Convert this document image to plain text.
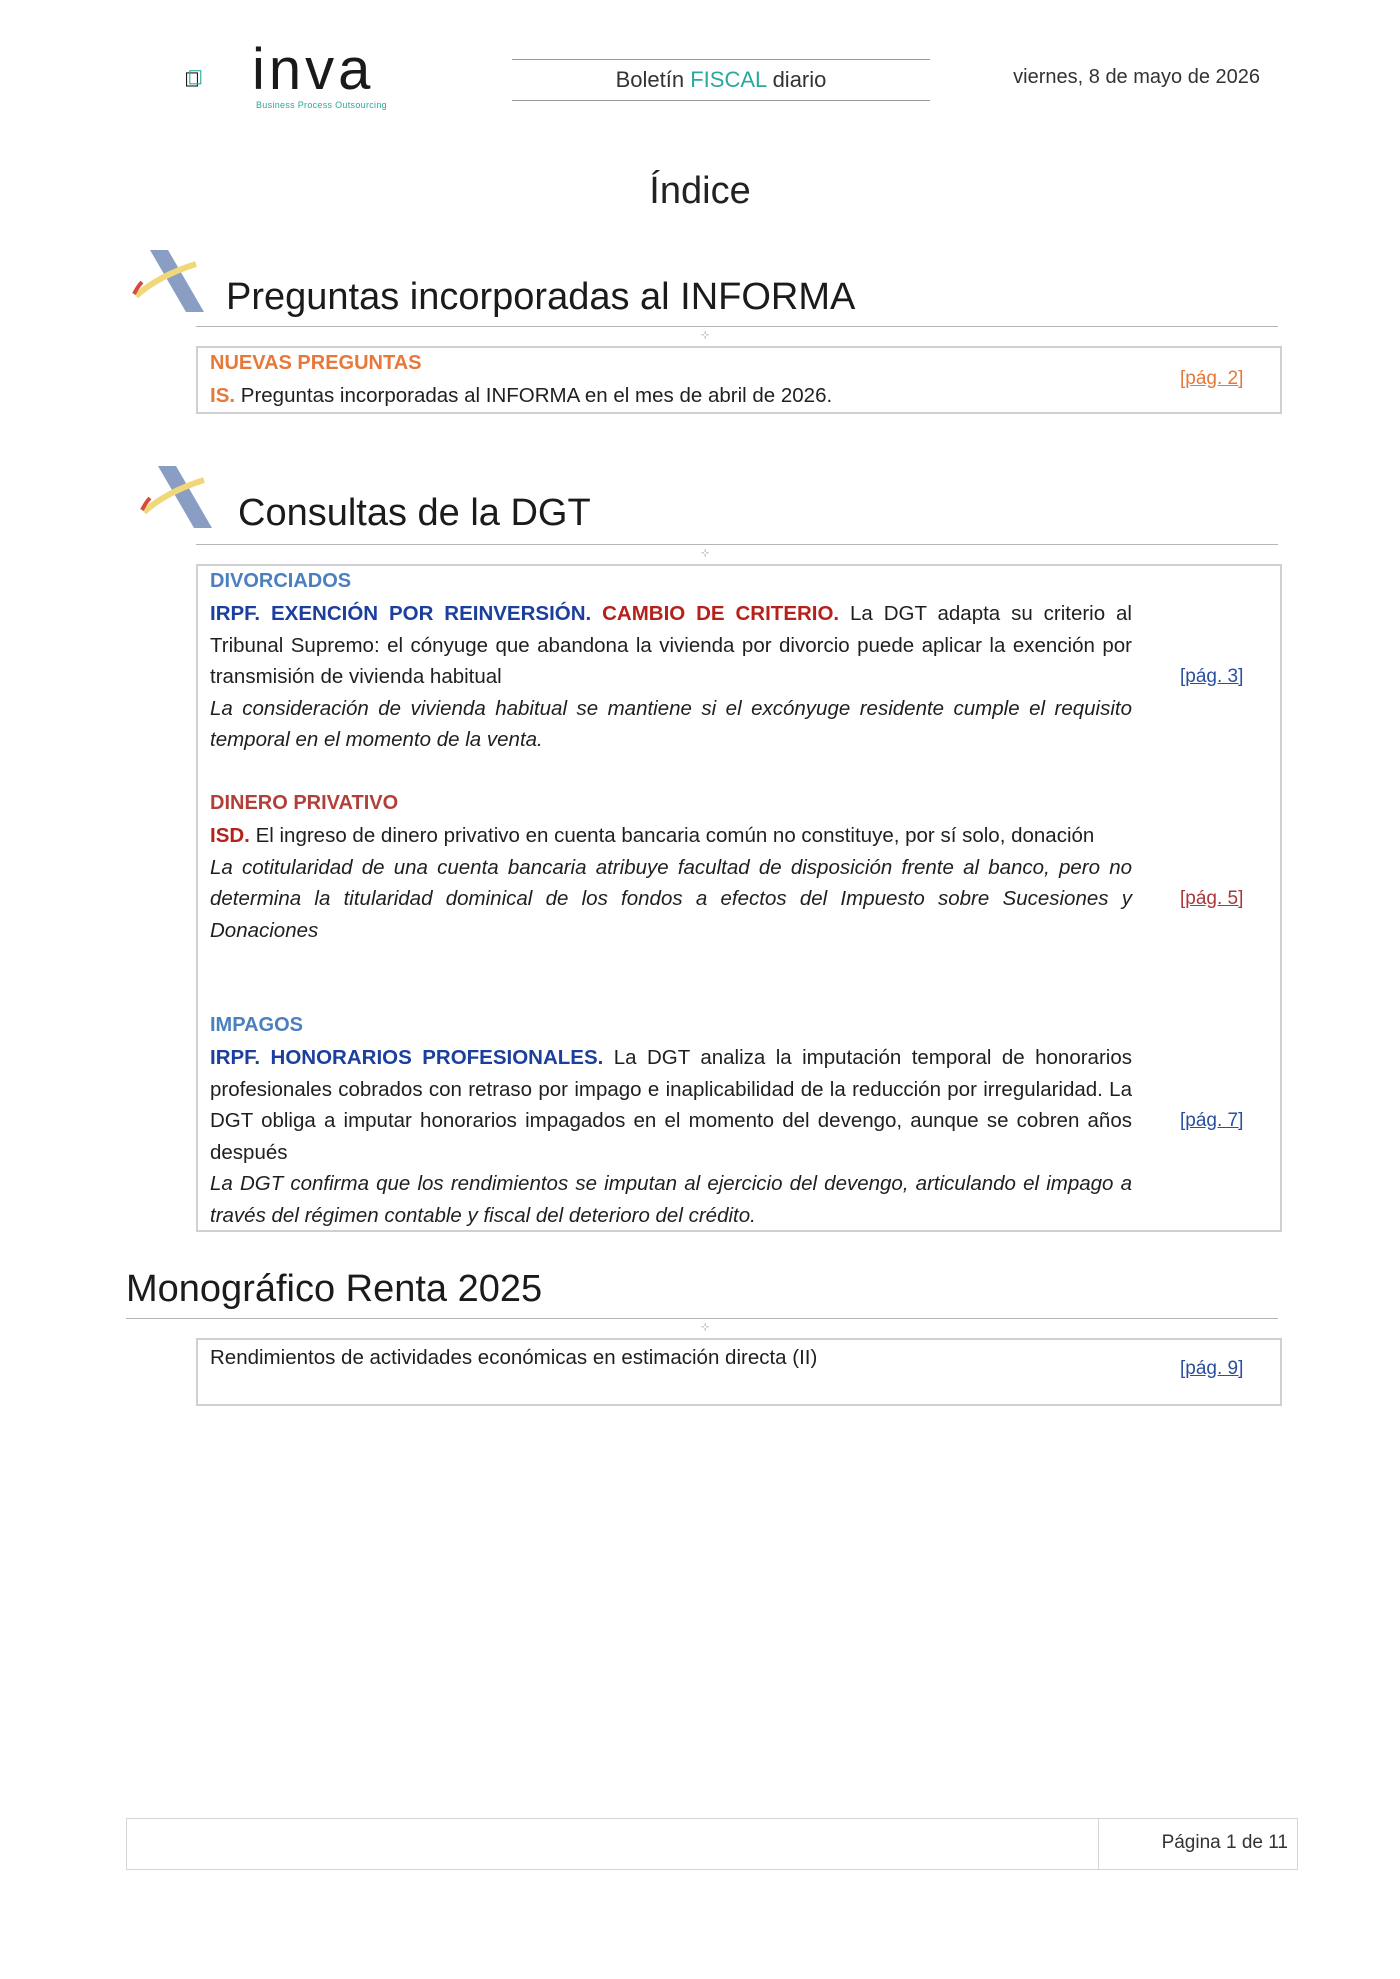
inva
Business Process Outsourcing
Boletín FISCAL diario	viernes, 8 de mayo de 2026
Índice
Preguntas incorporadas al INFORMA
⊹
NUEVAS PREGUNTAS
IS. Preguntas incorporadas al INFORMA en el mes de abril de 2026.
[pág. 2]
Consultas de la DGT
⊹
DIVORCIADOS
IRPF. EXENCIÓN POR REINVERSIÓN. CAMBIO DE CRITERIO. La DGT adapta su criterio al Tribunal Supremo: el cónyuge que abandona la vivienda por divorcio puede aplicar la exención por transmisión de vivienda habitual
La consideración de vivienda habitual se mantiene si el excónyuge residente cumple el requisito temporal en el momento de la venta.
[pág. 3]
DINERO PRIVATIVO
ISD. El ingreso de dinero privativo en cuenta bancaria común no constituye, por sí solo, donación
La cotitularidad de una cuenta bancaria atribuye facultad de disposición frente al banco, pero no determina la titularidad dominical de los fondos a efectos del Impuesto sobre Sucesiones y Donaciones
[pág. 5]
IMPAGOS
IRPF. HONORARIOS PROFESIONALES. La DGT analiza la imputación temporal de honorarios profesionales cobrados con retraso por impago e inaplicabilidad de la reducción por irregularidad. La DGT obliga a imputar honorarios impagados en el momento del devengo, aunque se cobren años después
La DGT confirma que los rendimientos se imputan al ejercicio del devengo, articulando el impago a través del régimen contable y fiscal del deterioro del crédito.
[pág. 7]
Monográfico Renta 2025
⊹
Rendimientos de actividades económicas en estimación directa (II)	[pág. 9]
Página 1 de 11
